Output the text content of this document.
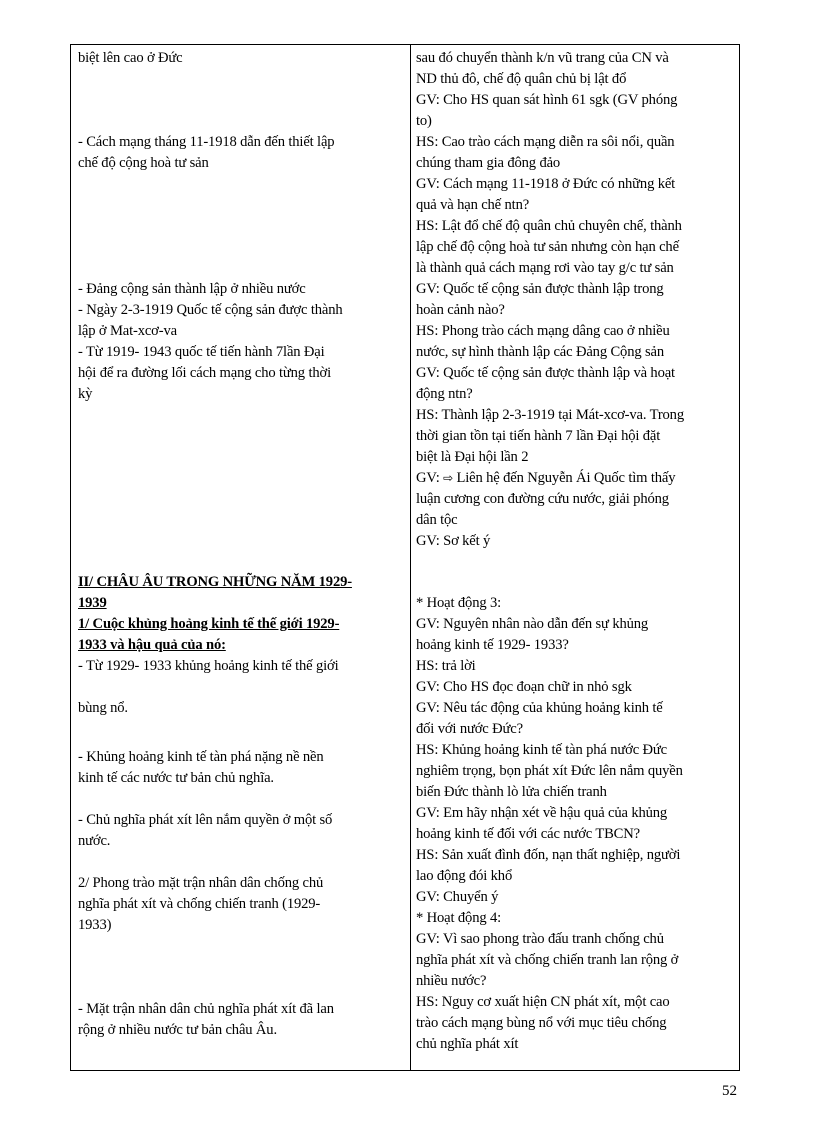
biệt lên cao ở Đức
- Cách mạng tháng 11-1918 dẫn đến thiết lập
chế độ cộng hoà tư sản
- Đảng cộng sản thành lập ở nhiều nước
- Ngày 2-3-1919 Quốc tế cộng sản được thành
lập ở Mat-xcơ-va
- Từ 1919- 1943 quốc tế tiến hành 7lần Đại
hội để ra đường lối cách mạng cho từng thời
kỳ
II/ CHÂU ÂU TRONG NHỮNG NĂM 1929-
1939
1/ Cuộc khủng hoảng kinh tế thế giới 1929-
1933 và hậu quả của nó:
- Từ 1929- 1933 khủng hoảng kinh tế thế giới
bùng nổ.
- Khủng hoảng kinh tế tàn phá nặng nề nền
kinh tế các nước tư bản chủ nghĩa.
- Chủ nghĩa phát xít lên nắm quyền ở một số
nước.
2/ Phong trào mặt trận nhân dân chống chủ
nghĩa phát xít và chống chiến tranh (1929-
1933)
- Mặt trận nhân dân chủ nghĩa phát xít đã lan
rộng ở nhiều nước tư bản châu Âu.
sau đó chuyển thành k/n vũ trang của CN và
ND thủ đô, chế độ quân chủ bị lật đổ
GV: Cho HS quan sát hình 61 sgk (GV phóng
to)
HS: Cao trào cách mạng diễn ra sôi nổi, quần
chúng tham gia đông đảo
GV: Cách mạng 11-1918 ở Đức có những kết
quả và hạn chế ntn?
HS: Lật đổ chế độ quân chủ chuyên chế, thành
lập chế độ cộng hoà tư sản nhưng còn hạn chế
là thành quả cách mạng rơi vào tay g/c tư sản
GV: Quốc tế cộng sản được thành lập trong
hoàn cảnh nào?
HS: Phong trào cách mạng dâng cao ở nhiều
nước, sự hình thành lập các Đảng Cộng sản
GV: Quốc tế cộng sản được thành lập và hoạt
động ntn?
HS: Thành lập 2-3-1919 tại Mát-xcơ-va. Trong
thời gian tồn tại tiến hành 7 lần Đại hội đặt
biệt là Đại hội lần 2
GV: ⇨ Liên hệ đến Nguyễn Ái Quốc tìm thấy
luận cương con đường cứu nước, giải phóng
dân tộc
GV: Sơ kết ý
* Hoạt động 3:
GV: Nguyên nhân nào dẫn đến sự khủng
hoảng kinh tế 1929- 1933?
HS: trả lời
GV: Cho HS đọc đoạn chữ in nhỏ sgk
GV: Nêu tác động của khủng hoảng kinh tế
đối với nước Đức?
HS: Khủng hoảng kinh tế tàn phá nước Đức
nghiêm trọng, bọn phát xít Đức lên nắm quyền
biến Đức thành lò lửa chiến tranh
GV: Em hãy nhận xét về hậu quả của khủng
hoảng kinh tế đối với các nước TBCN?
HS: Sản xuất đình đốn, nạn thất nghiệp, người
lao động đói khổ
GV: Chuyển ý
* Hoạt động 4:
GV: Vì sao phong trào đấu tranh chống chủ
nghĩa phát xít và chống chiến tranh lan rộng ở
nhiều nước?
HS: Nguy cơ xuất hiện CN phát xít, một cao
trào cách mạng bùng nổ với mục tiêu chống
chủ nghĩa phát xít
52
